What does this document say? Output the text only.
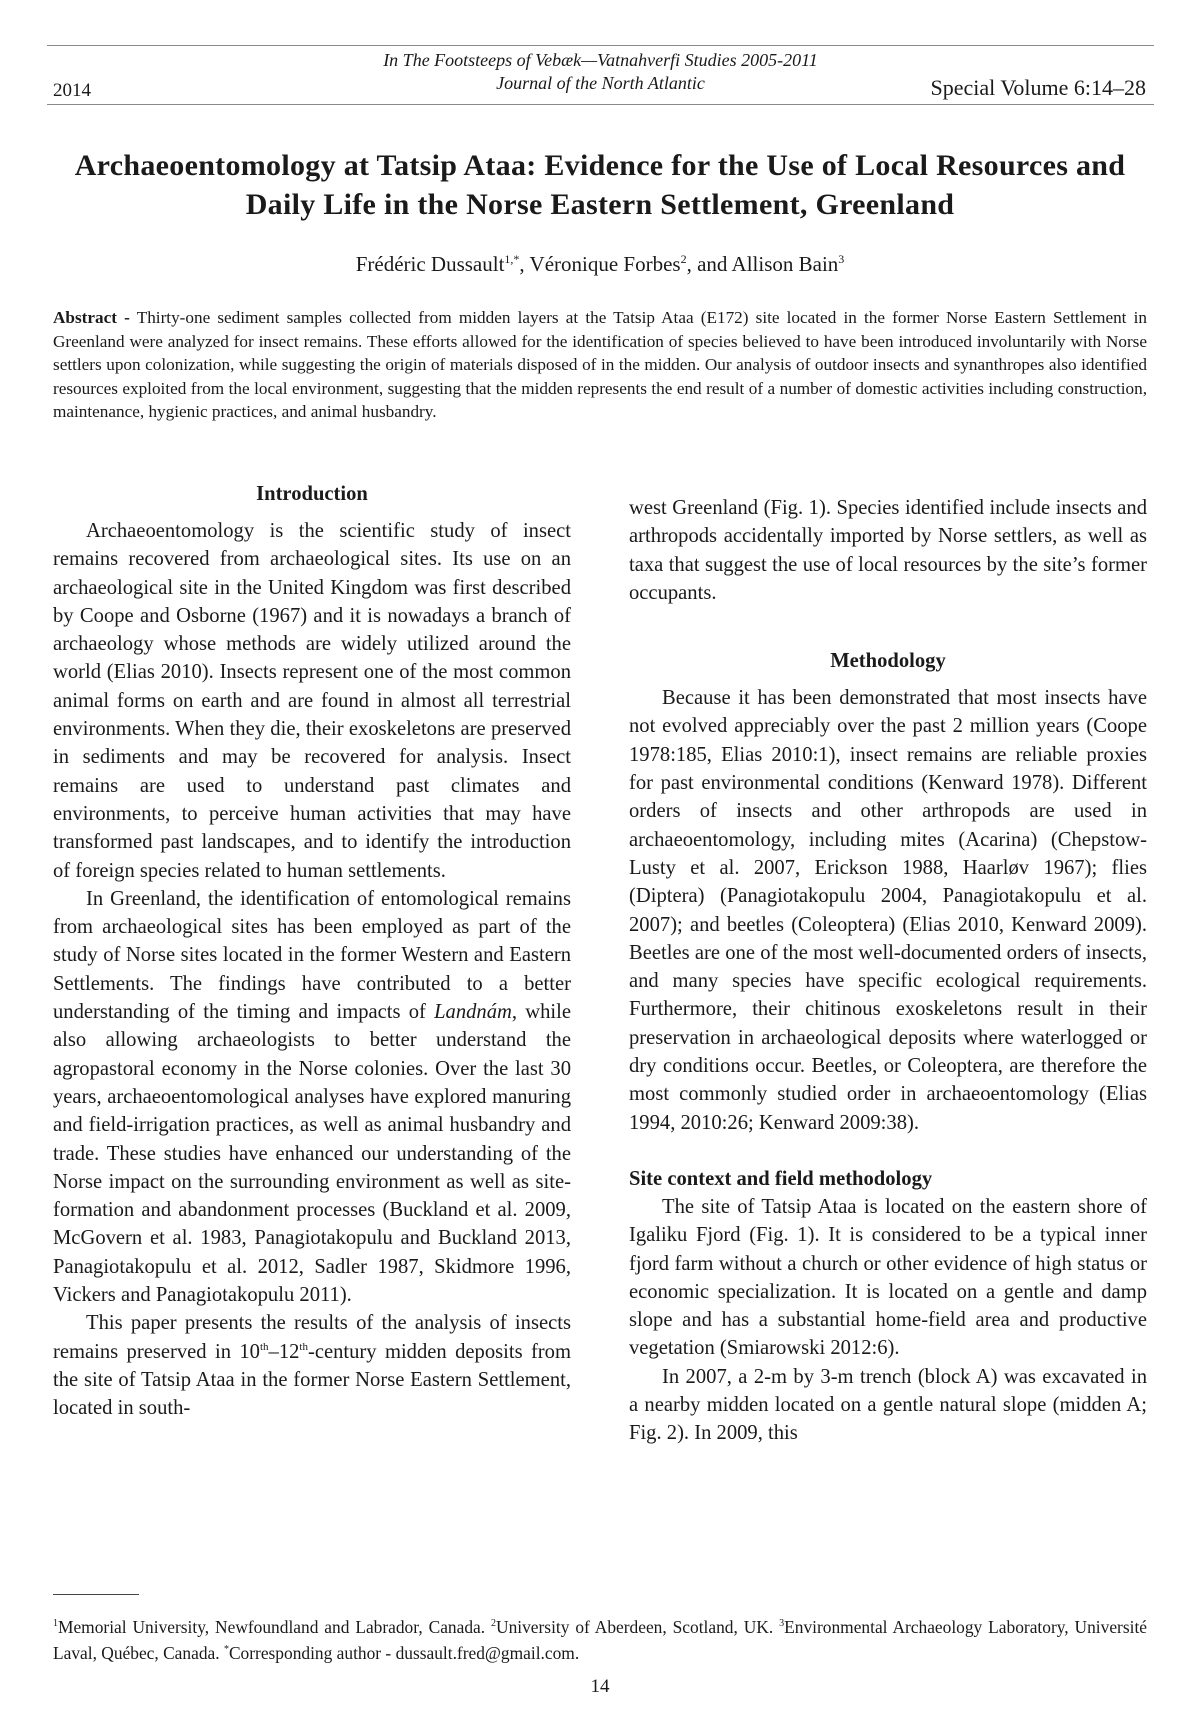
2014
In The Footsteeps of Vebæk—Vatnahverfi Studies 2005-2011
Journal of the North Atlantic	Special Volume 6:14–28
Archaeoentomology at Tatsip Ataa: Evidence for the Use of Local Resources and Daily Life in the Norse Eastern Settlement, Greenland
Frédéric Dussault$^{1,*}$, Véronique Forbes$^2$, and Allison Bain$^3$

Abstract - Thirty-one sediment samples collected from midden layers at the Tatsip Ataa (E172) site located in the former Norse Eastern Settlement in Greenland were analyzed for insect remains. These efforts allowed for the identification of species believed to have been introduced involuntarily with Norse settlers upon colonization, while suggesting the origin of materials disposed of in the midden. Our analysis of outdoor insects and synanthropes also identified resources exploited from the local environment, suggesting that the midden represents the end result of a number of domestic activities including construction, maintenance, hygienic practices, and animal husbandry.

Introduction

Archaeoentomology is the scientific study of insect remains recovered from archaeological sites. Its use on an archaeological site in the United Kingdom was first described by Coope and Osborne (1967) and it is nowadays a branch of archaeology whose methods are widely utilized around the world (Elias 2010). Insects represent one of the most common animal forms on earth and are found in almost all terrestrial environments. When they die, their exoskeletons are preserved in sediments and may be recovered for analysis. Insect remains are used to understand past climates and environments, to perceive human activities that may have transformed past landscapes, and to identify the introduction of foreign species related to human settlements.

In Greenland, the identification of entomological remains from archaeological sites has been employed as part of the study of Norse sites located in the former Western and Eastern Settlements. The findings have contributed to a better understanding of the timing and impacts of Landnám, while also allowing archaeologists to better understand the agropastoral economy in the Norse colonies. Over the last 30 years, archaeoentomological analyses have explored manuring and field-irrigation practices, as well as animal husbandry and trade. These studies have enhanced our understanding of the Norse impact on the surrounding environment as well as site-formation and abandonment processes (Buckland et al. 2009, McGovern et al. 1983, Panagiotakopulu and Buckland 2013, Panagiotakopulu et al. 2012, Sadler 1987, Skidmore 1996, Vickers and Panagiotakopulu 2011).

This paper presents the results of the analysis of insects remains preserved in 10th–12th-century midden deposits from the site of Tatsip Ataa in the former Norse Eastern Settlement, located in south-

west Greenland (Fig. 1). Species identified include insects and arthropods accidentally imported by Norse settlers, as well as taxa that suggest the use of local resources by the site’s former occupants.

Methodology

Because it has been demonstrated that most insects have not evolved appreciably over the past 2 million years (Coope 1978:185, Elias 2010:1), insect remains are reliable proxies for past environmental conditions (Kenward 1978). Different orders of insects and other arthropods are used in archaeoentomology, including mites (Acarina) (Chepstow-Lusty et al. 2007, Erickson 1988, Haarløv 1967); flies (Diptera) (Panagiotakopulu 2004, Panagiotakopulu et al. 2007); and beetles (Coleoptera) (Elias 2010, Kenward 2009). Beetles are one of the most well-documented orders of insects, and many species have specific ecological requirements. Furthermore, their chitinous exoskeletons result in their preservation in archaeological deposits where waterlogged or dry conditions occur. Beetles, or Coleoptera, are therefore the most commonly studied order in archaeoentomology (Elias 1994, 2010:26; Kenward 2009:38).

Site context and field methodology

The site of Tatsip Ataa is located on the eastern shore of Igaliku Fjord (Fig. 1). It is considered to be a typical inner fjord farm without a church or other evidence of high status or economic specialization. It is located on a gentle and damp slope and has a substantial home-field area and productive vegetation (Smiarowski 2012:6).

In 2007, a 2-m by 3-m trench (block A) was excavated in a nearby midden located on a gentle natural slope (midden A; Fig. 2). In 2009, this

$^1$Memorial University, Newfoundland and Labrador, Canada. $^2$University of Aberdeen, Scotland, UK. $^3$Environmental Archaeology Laboratory, Université Laval, Québec, Canada. *Corresponding author - dussault.fred@gmail.com.

14
